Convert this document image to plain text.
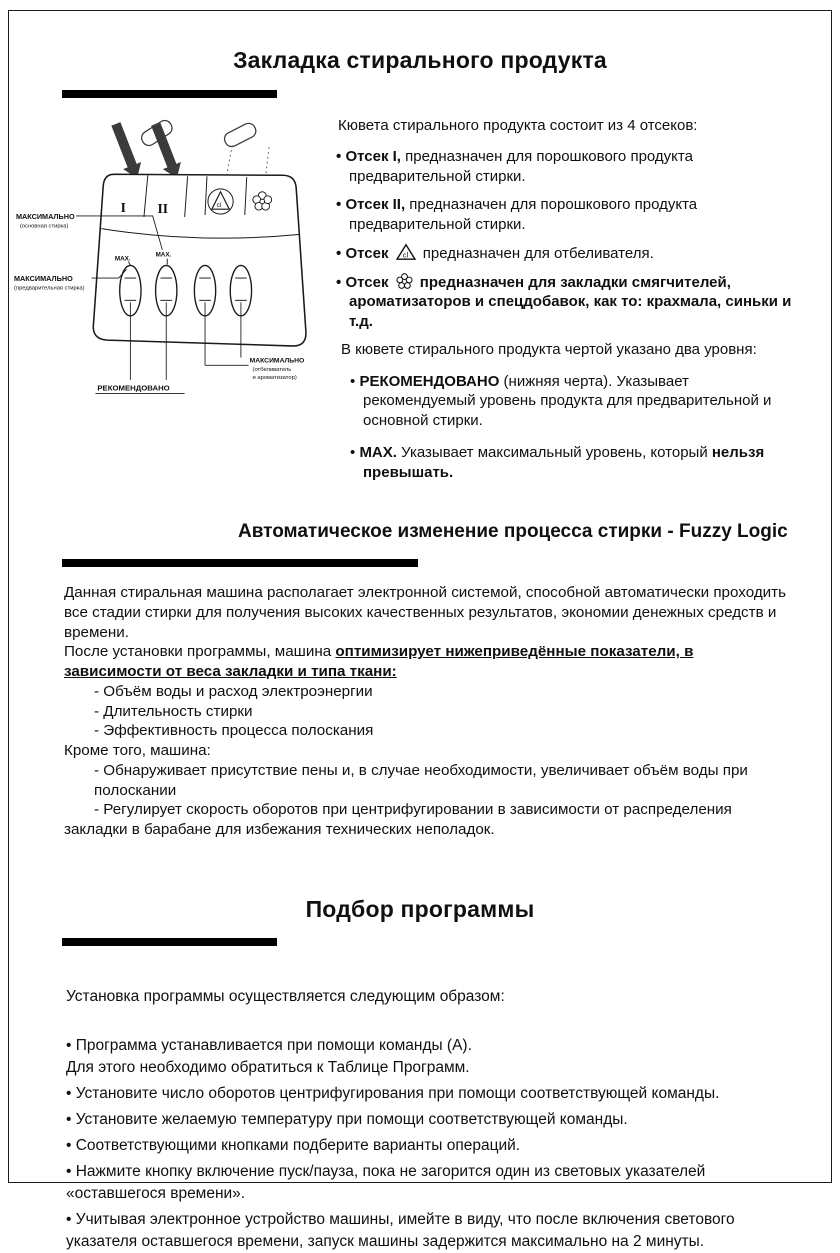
Закладка стирального продукта
I II	cl
MAX.
MAX.
МАКСИМАЛЬНО
(основная стирка)
МАКСИМАЛЬНО
(предварительная стирка)
РЕКОМЕНДОВАНО
МАКСИМАЛЬНО
(отбеливатель
и ароматизатор)

Кювета стирального продукта состоит из 4 отсеков:

• Отсек I, предназначен для порошкового продукта предварительной стирки.
• Отсек II, предназначен для порошкового продукта предварительной стирки.
• Отсек cl предназначен для отбеливателя.
• Отсек предназначен для закладки смягчителей, ароматизаторов и спецдобавок, как то: крахмала, синьки и т.д.

В кювете стирального продукта чертой указано два уровня:

• РЕКОМЕНДОВАНО (нижняя черта). Указывает рекомендуемый уровень продукта для предварительной и основной стирки.
• MAX. Указывает максимальный уровень, который нельзя превышать.
Автоматическое изменение процесса стирки - Fuzzy Logic

Данная стиральная машина располагает электронной системой, способной автоматически проходить все стадии стирки для получения высоких качественных результатов, экономии денежных средств и времени.

После установки программы, машина оптимизирует нижеприведённые показатели, в зависимости от веса закладки и типа ткани:

- Объём воды и расход электроэнергии
- Длительность стирки
- Эффективность процесса полоскания
Кроме того, машина:
- Обнаруживает присутствие пены и, в случае необходимости, увеличивает объём воды при полоскании
- Регулирует скорость оборотов при центрифугировании в зависимости от распределения закладки в барабане для избежания технических неполадок.
Подбор программы
Установка программы осуществляется следующим образом:
• Программа устанавливается при помощи команды (А).
Для этого необходимо обратиться к Таблице Программ.
• Установите число оборотов центрифугирования при помощи соответствующей команды.
• Установите желаемую температуру при помощи соответствующей команды.
• Соответствующими кнопками подберите варианты операций.
• Нажмите кнопку включение пуск/пауза, пока не загорится один из световых указателей «оставшегося времени».
• Учитывая электронное устройство машины, имейте в виду, что после включения светового указателя оставшегося времени, запуск машины задержится максимально на 2 минуты.
